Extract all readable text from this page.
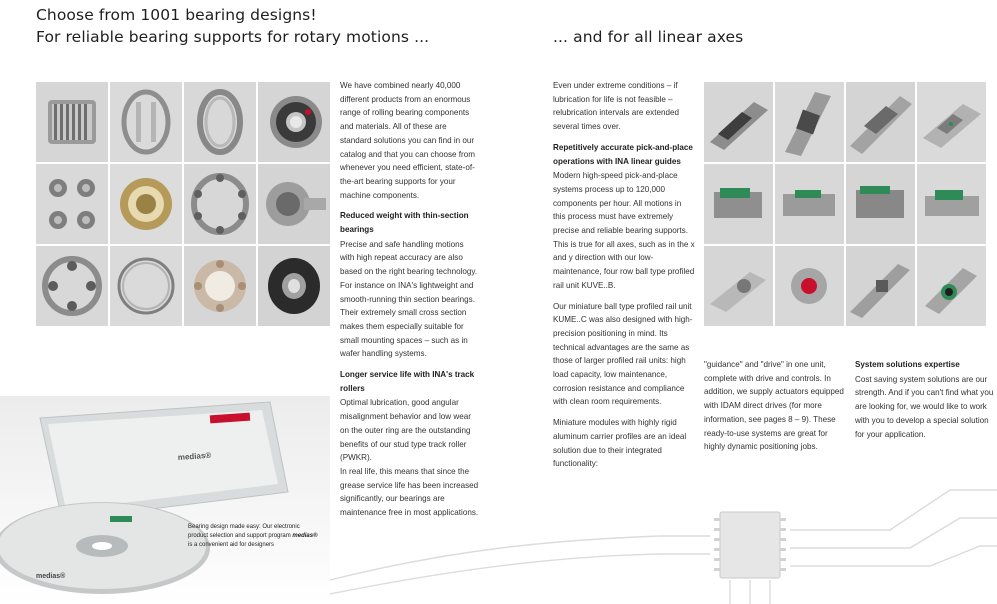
Choose from 1001 bearing designs!
For reliable bearing supports for rotary motions ...	... and for all linear axes

We have combined nearly 40,000 different products from an enormous range of rolling bearing components and materials. All of these are standard solutions you can find in our catalog and that you can choose from whenever you need efficient, state-of-the-art bearing supports for your machine components.

Reduced weight with thin-section bearings

Precise and safe handling motions with high repeat accuracy are also based on the right bearing technology. For instance on INA's lightweight and smooth-running thin section bearings. Their extremely small cross section makes them especially suitable for small mounting spaces – such as in wafer handling systems.

Longer service life with INA's track rollers

Optimal lubrication, good angular misalignment behavior and low wear on the outer ring are the outstanding benefits of our stud type track roller (PWKR).

In real life, this means that since the grease service life has been increased significantly, our bearings are maintenance free in most applications.

Even under extreme conditions – if lubrication for life is not feasible – relubrication intervals are extended several times over.

Repetitively accurate pick-and-place operations with INA linear guides

Modern high-speed pick-and-place systems process up to 120,000 components per hour. All motions in this process must have extremely precise and reliable bearing supports. This is true for all axes, such as in the x and y direction with our low-maintenance, four row ball type profiled rail unit KUVE..B.

Our miniature ball type profiled rail unit KUME..C was also designed with high-precision positioning in mind. Its technical advantages are the same as those of larger profiled rail units: high load capacity, low maintenance, corrosion resistance and compliance with clean room requirements.

Miniature modules with highly rigid aluminum carrier profiles are an ideal solution due to their integrated functionality:

"guidance" and "drive" in one unit, complete with drive and controls. In addition, we supply actuators equipped with IDAM direct drives (for more information, see pages 8 – 9). These ready-to-use systems are great for highly dynamic positioning jobs.

System solutions expertise

Cost saving system solutions are our strength. And if you can't find what you are looking for, we would like to work with you to develop a special solution for your application.

medias®
medias®
Bearing design made easy: Our electronic product selection and support program medias® is a convenient aid for designers
